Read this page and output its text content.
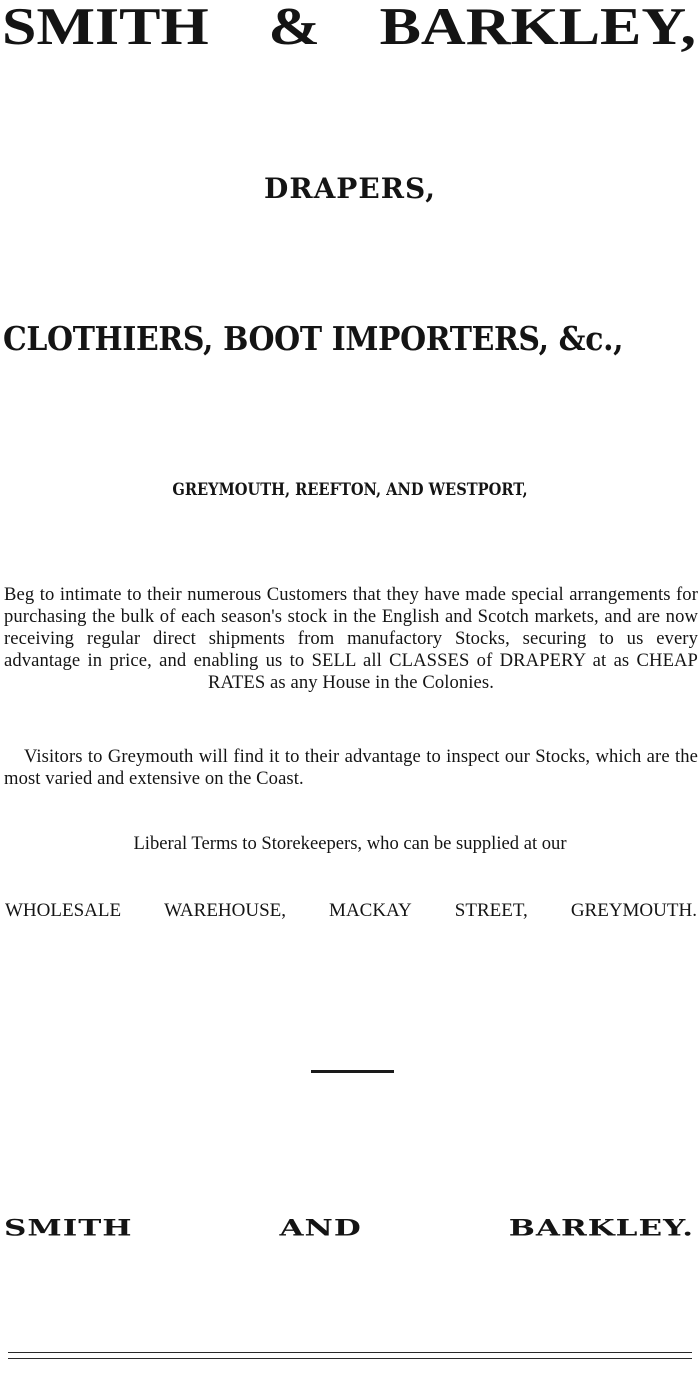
SMITH & BARKLEY,
DRAPERS,
CLOTHIERS, BOOT IMPORTERS, &c.,
GREYMOUTH, REEFTON, AND WESTPORT,

Beg to intimate to their numerous Customers that they have made special arrangements for purchasing the bulk of each season's stock in the English and Scotch markets, and are now receiving regular direct shipments from manufactory Stocks, securing to us every advantage in price, and enabling us to SELL all CLASSES of DRAPERY at as CHEAP RATES as any House in the Colonies.

Visitors to Greymouth will find it to their advantage to inspect our Stocks, which are the most varied and extensive on the Coast.

Liberal Terms to Storekeepers, who can be supplied at our

WHOLESALE WAREHOUSE, MACKAY STREET, GREYMOUTH.
SMITH	AND	BARKLEY.
